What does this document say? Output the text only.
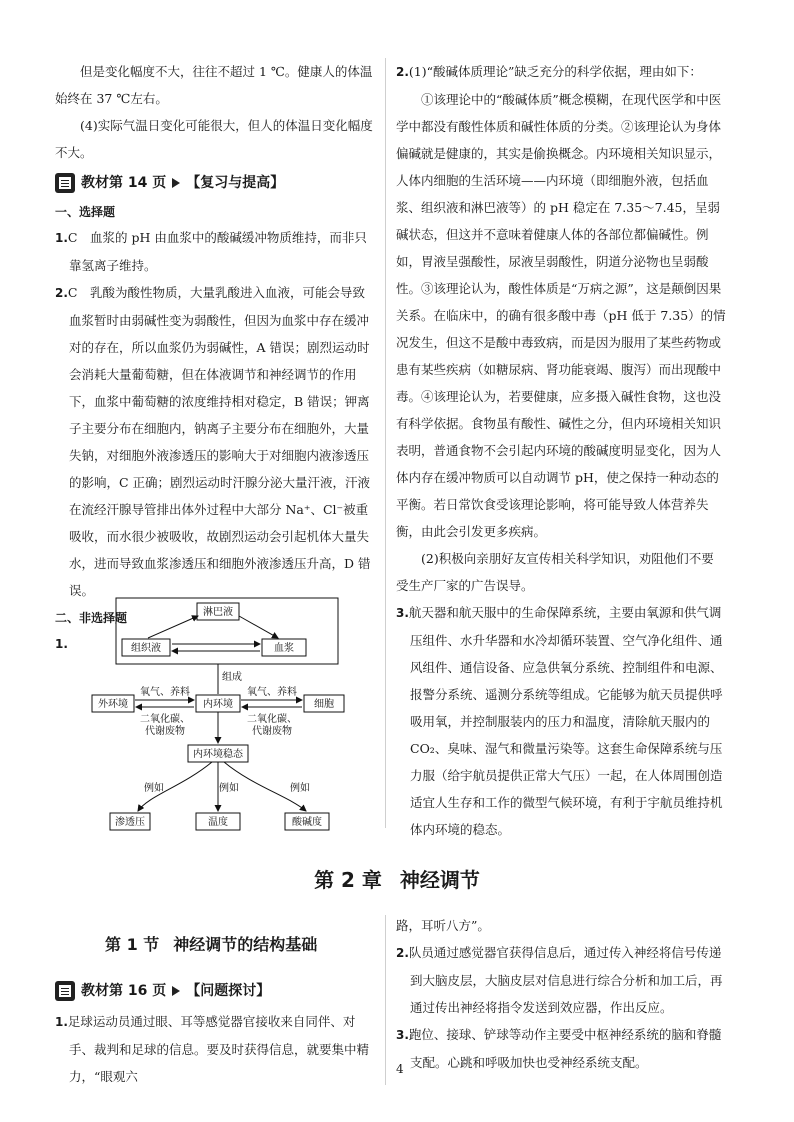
但是变化幅度不大，往往不超过 1 ℃。健康人的体温始终在 37 ℃左右。

(4)实际气温日变化可能很大，但人的体温日变化幅度不大。

教材第 14 页 【复习与提高】

一、选择题

1.C　血浆的 pH 由血浆中的酸碱缓冲物质维持，而非只靠氢离子维持。

2.C　乳酸为酸性物质，大量乳酸进入血液，可能会导致血浆暂时由弱碱性变为弱酸性，但因为血浆中存在缓冲对的存在，所以血浆仍为弱碱性，A 错误；剧烈运动时会消耗大量葡萄糖，但在体液调节和神经调节的作用下，血浆中葡萄糖的浓度维持相对稳定，B 错误；钾离子主要分布在细胞内，钠离子主要分布在细胞外，大量失钠，对细胞外液渗透压的影响大于对细胞内液渗透压的影响，C 正确；剧烈运动时汗腺分泌大量汗液，汗液在流经汗腺导管排出体外过程中大部分 Na⁺、Cl⁻被重吸收，而水很少被吸收，故剧烈运动会引起机体大量失水，进而导致血浆渗透压和细胞外液渗透压升高，D 错误。

二、非选择题

1.

淋巴液
组织液	血浆
组成
外环境	内环境	细胞
氧气、养料
二氧化碳、
代谢废物
氧气、养料
二氧化碳、
代谢废物
内环境稳态
例如	例如	例如
渗透压	温度	酸碱度

2.(1)“酸碱体质理论”缺乏充分的科学依据，理由如下：

①该理论中的“酸碱体质”概念模糊，在现代医学和中医学中都没有酸性体质和碱性体质的分类。②该理论认为身体偏碱就是健康的，其实是偷换概念。内环境相关知识显示，人体内细胞的生活环境——内环境（即细胞外液，包括血浆、组织液和淋巴液等）的 pH 稳定在 7.35～7.45，呈弱碱状态，但这并不意味着健康人体的各部位都偏碱性。例如，胃液呈强酸性，尿液呈弱酸性，阴道分泌物也呈弱酸性。③该理论认为，酸性体质是“万病之源”，这是颠倒因果关系。在临床中，的确有很多酸中毒（pH 低于 7.35）的情况发生，但这不是酸中毒致病，而是因为服用了某些药物或患有某些疾病（如糖尿病、肾功能衰竭、腹泻）而出现酸中毒。④该理论认为，若要健康，应多摄入碱性食物，这也没有科学依据。食物虽有酸性、碱性之分，但内环境相关知识表明，普通食物不会引起内环境的酸碱度明显变化，因为人体内存在缓冲物质可以自动调节 pH，使之保持一种动态的平衡。若日常饮食受该理论影响，将可能导致人体营养失衡，由此会引发更多疾病。

(2)积极向亲朋好友宣传相关科学知识，劝阻他们不要受生产厂家的广告误导。

3.航天器和航天服中的生命保障系统，主要由氧源和供气调压组件、水升华器和水冷却循环装置、空气净化组件、通风组件、通信设备、应急供氧分系统、控制组件和电源、报警分系统、遥测分系统等组成。它能够为航天员提供呼吸用氧，并控制服装内的压力和温度，清除航天服内的 CO₂、臭味、湿气和微量污染等。这套生命保障系统与压力服（给宇航员提供正常大气压）一起，在人体周围创造适宜人生存和工作的微型气候环境，有利于宇航员维持机体内环境的稳态。

第 2 章 神经调节
第 1 节 神经调节的结构基础
教材第 16 页 【问题探讨】

1.足球运动员通过眼、耳等感觉器官接收来自同伴、对手、裁判和足球的信息。要及时获得信息，就要集中精力，“眼观六

路，耳听八方”。

2.队员通过感觉器官获得信息后，通过传入神经将信号传递到大脑皮层，大脑皮层对信息进行综合分析和加工后，再通过传出神经将指令发送到效应器，作出反应。

3.跑位、接球、铲球等动作主要受中枢神经系统的脑和脊髓支配。心跳和呼吸加快也受神经系统支配。

4
